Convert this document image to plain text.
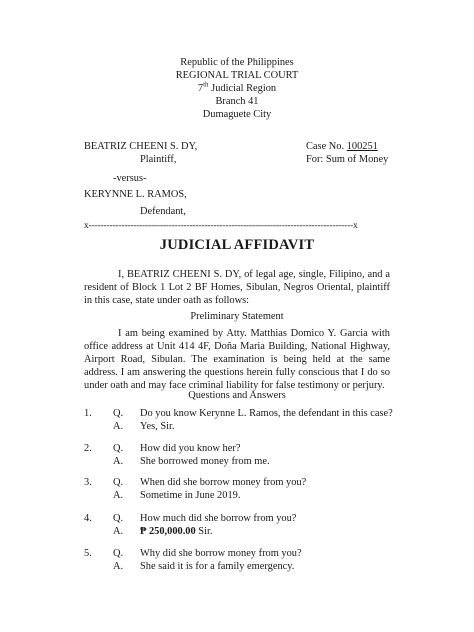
Republic of the Philippines
REGIONAL TRIAL COURT
7th Judicial Region
Branch 41
Dumaguete City
BEATRIZ CHEENI S. DY,	Case No. 100251
Plaintiff,	For: Sum of Money
-versus-
KERYNNE L. RAMOS,
Defendant,
x-----------------------------------------------------------------------------------------x
JUDICIAL AFFIDAVIT
I, BEATRIZ CHEENI S. DY, of legal age, single, Filipino, and a resident of Block 1 Lot 2 BF Homes, Sibulan, Negros Oriental, plaintiff in this case, state under oath as follows:
Preliminary Statement
I am being examined by Atty. Matthias Domico Y. Garcia with office address at Unit 414 4F, Doña Maria Building, National Highway, Airport Road, Sibulan. The examination is being held at the same address. I am answering the questions herein fully conscious that I do so under oath and may face criminal liability for false testimony or perjury.
Questions and Answers
1. Q. Do you know Kerynne L. Ramos, the defendant in this case?
A. Yes, Sir.
2. Q. How did you know her?
A. She borrowed money from me.
3. Q. When did she borrow money from you?
A. Sometime in June 2019.
4. Q. How much did she borrow from you?
A. ₱ 250,000.00 Sir.
5. Q. Why did she borrow money from you?
A. She said it is for a family emergency.
